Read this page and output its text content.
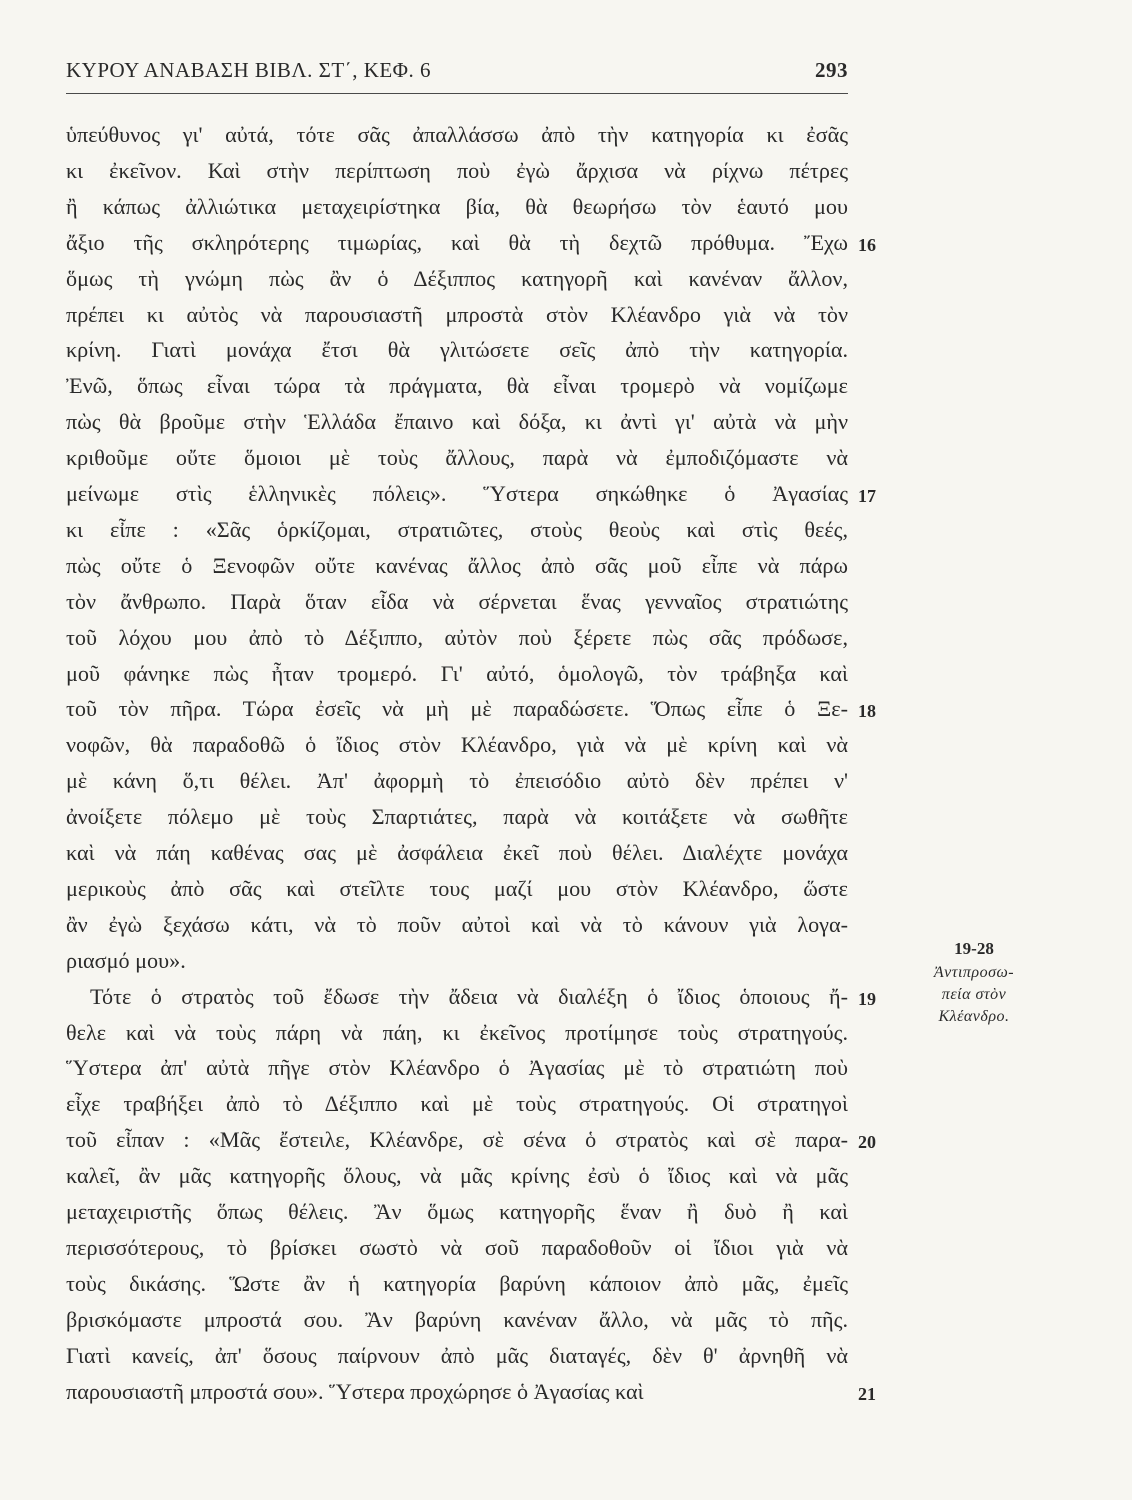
ΚΥΡΟΥ ΑΝΑΒΑΣΗ ΒΙΒΛ. ΣΤ΄, ΚΕΦ. 6	293
ὑπεύθυνος γι' αὐτά, τότε σᾶς ἀπαλλάσσω ἀπὸ τὴν κατηγορία κι ἐσᾶς
κι ἐκεῖνον. Καὶ στὴν περίπτωση ποὺ ἐγὼ ἄρχισα νὰ ρίχνω πέτρες
ἢ κάπως ἀλλιώτικα μεταχειρίστηκα βία, θὰ θεωρήσω τὸν ἑαυτό μου
ἄξιο τῆς σκληρότερης τιμωρίας, καὶ θὰ τὴ δεχτῶ πρόθυμα. Ἔχω
ὅμως τὴ γνώμη πὼς ἂν ὁ Δέξιππος κατηγορῆ καὶ κανέναν ἄλλον,
πρέπει κι αὐτὸς νὰ παρουσιαστῆ μπροστὰ στὸν Κλέανδρο γιὰ νὰ τὸν
κρίνη. Γιατὶ μονάχα ἔτσι θὰ γλιτώσετε σεῖς ἀπὸ τὴν κατηγορία.
Ἐνῶ, ὅπως εἶναι τώρα τὰ πράγματα, θὰ εἶναι τρομερὸ νὰ νομίζωμε
πὼς θὰ βροῦμε στὴν Ἑλλάδα ἔπαινο καὶ δόξα, κι ἀντὶ γι' αὐτὰ νὰ μὴν
κριθοῦμε οὔτε ὅμοιοι μὲ τοὺς ἄλλους, παρὰ νὰ ἐμποδιζόμαστε νὰ
μείνωμε στὶς ἑλληνικὲς πόλεις». Ὕστερα σηκώθηκε ὁ Ἀγασίας
κι εἶπε : «Σᾶς ὁρκίζομαι, στρατιῶτες, στοὺς θεοὺς καὶ στὶς θεές,
πὼς οὔτε ὁ Ξενοφῶν οὔτε κανένας ἄλλος ἀπὸ σᾶς μοῦ εἶπε νὰ πάρω
τὸν ἄνθρωπο. Παρὰ ὅταν εἶδα νὰ σέρνεται ἕνας γενναῖος στρατιώτης
τοῦ λόχου μου ἀπὸ τὸ Δέξιππο, αὐτὸν ποὺ ξέρετε πὼς σᾶς πρόδωσε,
μοῦ φάνηκε πὼς ἦταν τρομερό. Γι' αὐτό, ὁμολογῶ, τὸν τράβηξα καὶ
τοῦ τὸν πῆρα. Τώρα ἐσεῖς νὰ μὴ μὲ παραδώσετε. Ὅπως εἶπε ὁ Ξε-
νοφῶν, θὰ παραδοθῶ ὁ ἴδιος στὸν Κλέανδρο, γιὰ νὰ μὲ κρίνη καὶ νὰ
μὲ κάνη ὅ,τι θέλει. Ἀπ' ἀφορμὴ τὸ ἐπεισόδιο αὐτὸ δὲν πρέπει ν'
ἀνοίξετε πόλεμο μὲ τοὺς Σπαρτιάτες, παρὰ νὰ κοιτάξετε νὰ σωθῆτε
καὶ νὰ πάη καθένας σας μὲ ἀσφάλεια ἐκεῖ ποὺ θέλει. Διαλέχτε μονάχα
μερικοὺς ἀπὸ σᾶς καὶ στεῖλτε τους μαζί μου στὸν Κλέανδρο, ὥστε
ἂν ἐγὼ ξεχάσω κάτι, νὰ τὸ ποῦν αὐτοὶ καὶ νὰ τὸ κάνουν γιὰ λογα-
ριασμό μου».
Τότε ὁ στρατὸς τοῦ ἔδωσε τὴν ἄδεια νὰ διαλέξη ὁ ἴδιος ὁποιους ἤ-
θελε καὶ νὰ τοὺς πάρη νὰ πάη, κι ἐκεῖνος προτίμησε τοὺς στρατηγούς.
Ὕστερα ἀπ' αὐτὰ πῆγε στὸν Κλέανδρο ὁ Ἀγασίας μὲ τὸ στρατιώτη ποὺ
εἶχε τραβήξει ἀπὸ τὸ Δέξιππο καὶ μὲ τοὺς στρατηγούς. Οἱ στρατηγοὶ
τοῦ εἶπαν : «Μᾶς ἔστειλε, Κλέανδρε, σὲ σένα ὁ στρατὸς καὶ σὲ παρα-
καλεῖ, ἂν μᾶς κατηγορῆς ὅλους, νὰ μᾶς κρίνης ἐσὺ ὁ ἴδιος καὶ νὰ μᾶς
μεταχειριστῆς ὅπως θέλεις. Ἂν ὅμως κατηγορῆς ἕναν ἢ δυὸ ἢ καὶ
περισσότερους, τὸ βρίσκει σωστὸ νὰ σοῦ παραδοθοῦν οἱ ἴδιοι γιὰ νὰ
τοὺς δικάσης. Ὥστε ἂν ἡ κατηγορία βαρύνη κάποιον ἀπὸ μᾶς, ἐμεῖς
βρισκόμαστε μπροστά σου. Ἂν βαρύνη κανέναν ἄλλο, νὰ μᾶς τὸ πῆς.
Γιατὶ κανείς, ἀπ' ὅσους παίρνουν ἀπὸ μᾶς διαταγές, δὲν θ' ἀρνηθῆ νὰ
παρουσιαστῆ μπροστά σου». Ὕστερα προχώρησε ὁ Ἀγασίας καὶ
16
17
18
19
20
21
19-28
Ἀντιπροσω-
πεία στὸν
Κλέανδρο.
